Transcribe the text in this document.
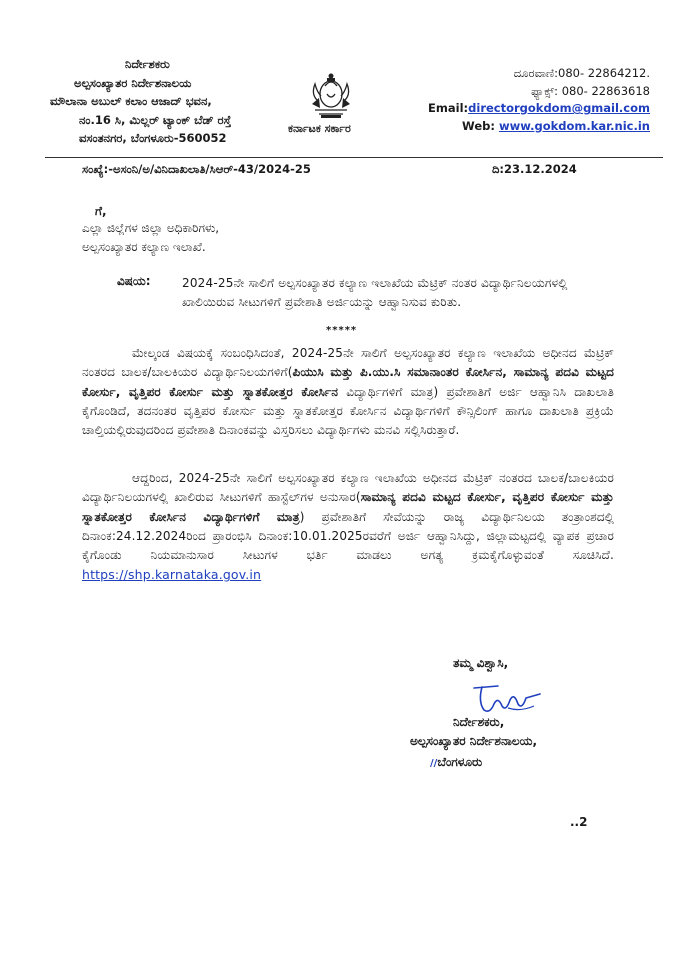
ನಿರ್ದೇಶಕರು
ಅಲ್ಪಸಂಖ್ಯಾತರ ನಿರ್ದೇಶನಾಲಯ
ಮೌಲಾನಾ ಅಬುಲ್ ಕಲಾಂ ಆಜಾದ್ ಭವನ,
ನಂ.16 ಸಿ, ಮಿಲ್ಲರ್ ಟ್ಯಾಂಕ್ ಬೆಡ್ ರಸ್ತೆ
ವಸಂತನಗರ, ಬೆಂಗಳೂರು-560052
ಕರ್ನಾಟಕ ಸರ್ಕಾರ
ದೂರವಾಣಿ:080- 22864212.
ಫ್ಯಾಕ್ಸ್: 080- 22863618
Email:directorgokdom@gmail.com
Web: www.gokdom.kar.nic.in
ಸಂಖ್ಯೆ:-ಅಸಂನಿ/ಅ/ವಿನಿದಾಖಲಾತಿ/ಸಿಆರ್-43/2024-25	ದಿ:23.12.2024
ಗೆ,
ಎಲ್ಲಾ ಜಿಲ್ಲೆಗಳ ಜಿಲ್ಲಾ ಅಧಿಕಾರಿಗಳು,
ಅಲ್ಪಸಂಖ್ಯಾತರ ಕಲ್ಯಾಣ ಇಲಾಖೆ.
ವಿಷಯ:	2024-25ನೇ ಸಾಲಿಗೆ ಅಲ್ಪಸಂಖ್ಯಾತರ ಕಲ್ಯಾಣ ಇಲಾಖೆಯ ಮೆಟ್ರಿಕ್ ನಂತರ ವಿದ್ಯಾರ್ಥಿನಿಲಯಗಳಲ್ಲಿ ಖಾಲಿಯಿರುವ ಸೀಟುಗಳಿಗೆ ಪ್ರವೇಶಾತಿ ಅರ್ಜಿಯನ್ನು ಆಹ್ವಾನಿಸುವ ಕುರಿತು.
*****
ಮೇಲ್ಕಂಡ ವಿಷಯಕ್ಕೆ ಸಂಬಂಧಿಸಿದಂತೆ, 2024-25ನೇ ಸಾಲಿಗೆ ಅಲ್ಪಸಂಖ್ಯಾತರ ಕಲ್ಯಾಣ ಇಲಾಖೆಯ ಅಧೀನದ ಮೆಟ್ರಿಕ್ ನಂತರದ ಬಾಲಕ/ಬಾಲಕಿಯರ ವಿದ್ಯಾರ್ಥಿನಿಲಯಗಳಿಗೆ(ಪಿಯುಸಿ ಮತ್ತು ಪಿ.ಯು.ಸಿ ಸಮಾನಾಂತರ ಕೋರ್ಸಿನ, ಸಾಮಾನ್ಯ ಪದವಿ ಮಟ್ಟದ ಕೋರ್ಸು, ವೃತ್ತಿಪರ ಕೋರ್ಸು ಮತ್ತು ಸ್ನಾತಕೋತ್ತರ ಕೋರ್ಸಿನ ವಿದ್ಯಾರ್ಥಿಗಳಿಗೆ ಮಾತ್ರ) ಪ್ರವೇಶಾತಿಗೆ ಅರ್ಜಿ ಆಹ್ವಾನಿಸಿ ದಾಖಲಾತಿ ಕೈಗೊಂಡಿದೆ, ತದನಂತರ ವೃತ್ತಿಪರ ಕೋರ್ಸು ಮತ್ತು ಸ್ನಾತಕೋತ್ತರ ಕೋರ್ಸಿನ ವಿದ್ಯಾರ್ಥಿಗಳಿಗೆ ಕೌನ್ಸಿಲಿಂಗ್ ಹಾಗೂ ದಾಖಲಾತಿ ಪ್ರಕ್ರಿಯೆ ಚಾಲ್ತಿಯಲ್ಲಿರುವುದರಿಂದ ಪ್ರವೇಶಾತಿ ದಿನಾಂಕವನ್ನು ವಿಸ್ತರಿಸಲು ವಿದ್ಯಾರ್ಥಿಗಳು ಮನವಿ ಸಲ್ಲಿಸಿರುತ್ತಾರೆ.
ಆದ್ದರಿಂದ, 2024-25ನೇ ಸಾಲಿಗೆ ಅಲ್ಪಸಂಖ್ಯಾತರ ಕಲ್ಯಾಣ ಇಲಾಖೆಯ ಅಧೀನದ ಮೆಟ್ರಿಕ್ ನಂತರದ ಬಾಲಕ/ಬಾಲಕಿಯರ ವಿದ್ಯಾರ್ಥಿನಿಲಯಗಳಲ್ಲಿ ಖಾಲಿರುವ ಸೀಟುಗಳಿಗೆ ಹಾಸ್ಟೆಲ್‌ಗಳ ಅನುಸಾರ(ಸಾಮಾನ್ಯ ಪದವಿ ಮಟ್ಟದ ಕೋರ್ಸು, ವೃತ್ತಿಪರ ಕೋರ್ಸು ಮತ್ತು ಸ್ನಾತಕೋತ್ತರ ಕೋರ್ಸಿನ ವಿದ್ಯಾರ್ಥಿಗಳಿಗೆ ಮಾತ್ರ) ಪ್ರವೇಶಾತಿಗೆ ಸೇವೆಯನ್ನು ರಾಜ್ಯ ವಿದ್ಯಾರ್ಥಿನಿಲಯ ತಂತ್ರಾಂಶದಲ್ಲಿ ದಿನಾಂಕ:24.12.2024ರಿಂದ ಪ್ರಾರಂಭಿಸಿ ದಿನಾಂಕ:10.01.2025ರವರೆಗೆ ಅರ್ಜಿ ಆಹ್ವಾನಿಸಿದ್ದು, ಜಿಲ್ಲಾಮಟ್ಟದಲ್ಲಿ ವ್ಯಾಪಕ ಪ್ರಚಾರ ಕೈಗೊಂಡು ನಿಯಮಾನುಸಾರ ಸೀಟುಗಳ ಭರ್ತಿ ಮಾಡಲು ಅಗತ್ಯ ಕ್ರಮಕೈಗೊಳ್ಳುವಂತೆ ಸೂಚಿಸಿದೆ. https://shp.karnataka.gov.in
ತಮ್ಮ ವಿಶ್ವಾಸಿ,
ನಿರ್ದೇಶಕರು,
ಅಲ್ಪಸಂಖ್ಯಾತರ ನಿರ್ದೇಶನಾಲಯ,
//ಬೆಂಗಳೂರು
..2
